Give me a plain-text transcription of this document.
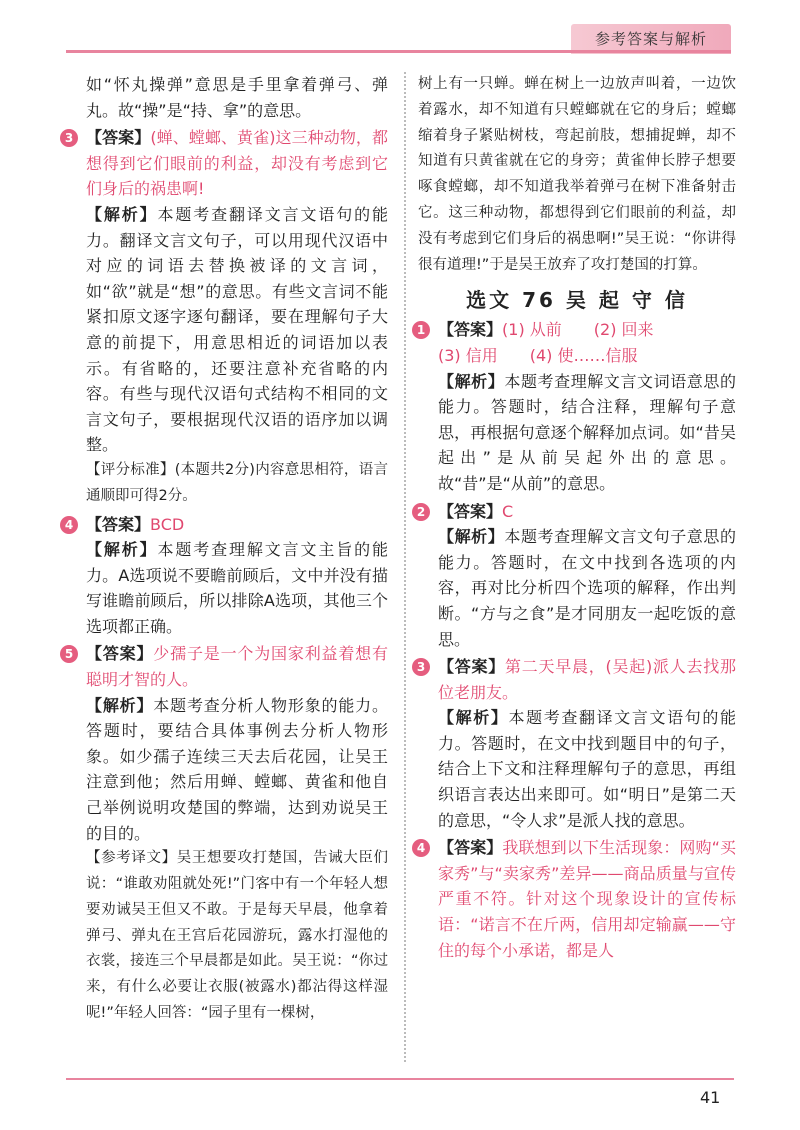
参考答案与解析

如“怀丸操弹”意思是手里拿着弹弓、弹丸。故“操”是“持、拿”的意思。

3 【答案】(蝉、螳螂、黄雀)这三种动物，都想得到它们眼前的利益，却没有考虑到它们身后的祸患啊!

【解析】本题考查翻译文言文语句的能力。翻译文言文句子，可以用现代汉语中对应的词语去替换被译的文言词，如“欲”就是“想”的意思。有些文言词不能紧扣原文逐字逐句翻译，要在理解句子大意的前提下，用意思相近的词语加以表示。有省略的，还要注意补充省略的内容。有些与现代汉语句式结构不相同的文言文句子，要根据现代汉语的语序加以调整。

【评分标准】(本题共2分)内容意思相符，语言通顺即可得2分。

4 【答案】BCD

【解析】本题考查理解文言文主旨的能力。A选项说不要瞻前顾后，文中并没有描写谁瞻前顾后，所以排除A选项，其他三个选项都正确。

5 【答案】少孺子是一个为国家利益着想有聪明才智的人。

【解析】本题考查分析人物形象的能力。答题时，要结合具体事例去分析人物形象。如少孺子连续三天去后花园，让吴王注意到他；然后用蝉、螳螂、黄雀和他自己举例说明攻楚国的弊端，达到劝说吴王的目的。

【参考译文】吴王想要攻打楚国，告诫大臣们说：“谁敢劝阻就处死!”门客中有一个年轻人想要劝诫吴王但又不敢。于是每天早晨，他拿着弹弓、弹丸在王宫后花园游玩，露水打湿他的衣裳，接连三个早晨都是如此。吴王说：“你过来，有什么必要让衣服(被露水)都沾得这样湿呢!”年轻人回答：“园子里有一棵树，

树上有一只蝉。蝉在树上一边放声叫着，一边饮着露水，却不知道有只螳螂就在它的身后；螳螂缩着身子紧贴树枝，弯起前肢，想捕捉蝉，却不知道有只黄雀就在它的身旁；黄雀伸长脖子想要啄食螳螂，却不知道我举着弹弓在树下准备射击它。这三种动物，都想得到它们眼前的利益，却没有考虑到它们身后的祸患啊!”吴王说：“你讲得很有道理!”于是吴王放弃了攻打楚国的打算。

选文 76 吴 起 守 信
1 【答案】(1) 从前　　(2) 回来

(3) 信用　　(4) 使……信服

【解析】本题考查理解文言文词语意思的能力。答题时，结合注释，理解句子意思，再根据句意逐个解释加点词。如“昔吴起出”是从前吴起外出的意思。故“昔”是“从前”的意思。

2 【答案】C

【解析】本题考查理解文言文句子意思的能力。答题时，在文中找到各选项的内容，再对比分析四个选项的解释，作出判断。“方与之食”是才同朋友一起吃饭的意思。

3 【答案】第二天早晨，(吴起)派人去找那位老朋友。

【解析】本题考查翻译文言文语句的能力。答题时，在文中找到题目中的句子，结合上下文和注释理解句子的意思，再组织语言表达出来即可。如“明日”是第二天的意思，“令人求”是派人找的意思。

4 【答案】我联想到以下生活现象：网购“买家秀”与“卖家秀”差异——商品质量与宣传严重不符。针对这个现象设计的宣传标语：“诺言不在斤两，信用却定输赢——守住的每个小承诺，都是人

41
